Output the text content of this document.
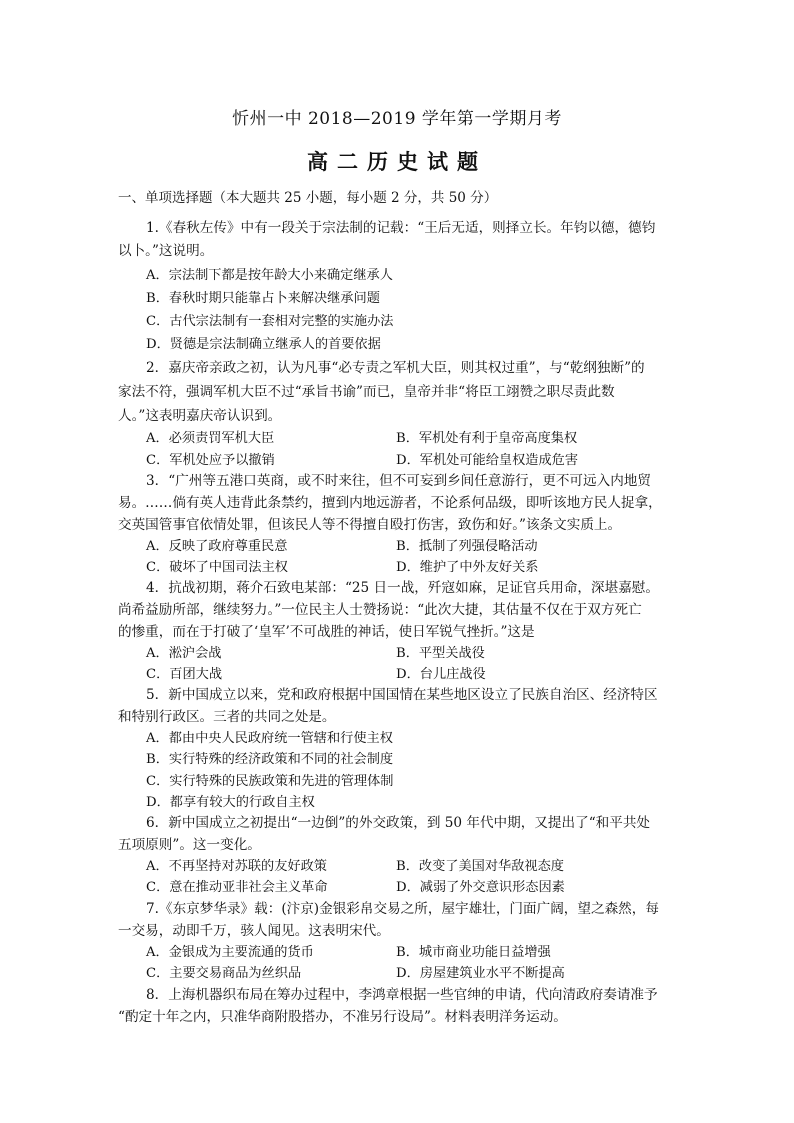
忻州一中 2018—2019 学年第一学期月考
高二历史试题
一、单项选择题（本大题共 25 小题，每小题 2 分，共 50 分）
1.《春秋左传》中有一段关于宗法制的记载：“王后无适，则择立长。年钧以德，德钧
以卜。”这说明。
A．宗法制下都是按年龄大小来确定继承人
B．春秋时期只能靠占卜来解决继承问题
C．古代宗法制有一套相对完整的实施办法
D．贤德是宗法制确立继承人的首要依据
2．嘉庆帝亲政之初，认为凡事“必专责之军机大臣，则其权过重”，与“乾纲独断”的
家法不符，强调军机大臣不过“承旨书谕”而已，皇帝并非“将臣工翊赞之职尽责此数
人。”这表明嘉庆帝认识到。
A．必须责罚军机大臣	B．军机处有利于皇帝高度集权
C．军机处应予以撤销	D．军机处可能给皇权造成危害
3．“广州等五港口英商，或不时来往，但不可妄到乡间任意游行，更不可远入内地贸
易。……倘有英人违背此条禁约，擅到内地远游者，不论系何品级，即听该地方民人捉拿，
交英国管事官依情处罪，但该民人等不得擅自殴打伤害，致伤和好。”该条文实质上。
A．反映了政府尊重民意	B．抵制了列强侵略活动
C．破坏了中国司法主权	D．维护了中外友好关系
4．抗战初期，蒋介石致电某部：“25 日一战，歼寇如麻，足证官兵用命，深堪嘉慰。
尚希益励所部，继续努力。”一位民主人士赞扬说：“此次大捷，其估量不仅在于双方死亡
的惨重，而在于打破了‘皇军’不可战胜的神话，使日军锐气挫折。”这是
A．淞沪会战	B．平型关战役
C．百团大战	D．台儿庄战役
5．新中国成立以来，党和政府根据中国国情在某些地区设立了民族自治区、经济特区
和特别行政区。三者的共同之处是。
A．都由中央人民政府统一管辖和行使主权
B．实行特殊的经济政策和不同的社会制度
C．实行特殊的民族政策和先进的管理体制
D．都享有较大的行政自主权
6．新中国成立之初提出“一边倒”的外交政策，到 50 年代中期，又提出了“和平共处
五项原则”。这一变化。
A．不再坚持对苏联的友好政策	B．改变了美国对华敌视态度
C．意在推动亚非社会主义革命	D．减弱了外交意识形态因素
7.《东京梦华录》载：(汴京)金银彩帛交易之所，屋宇雄壮，门面广阔，望之森然，每
一交易，动即千万，骇人闻见。这表明宋代。
A．金银成为主要流通的货币	B．城市商业功能日益增强
C．主要交易商品为丝织品	D．房屋建筑业水平不断提高
8．上海机器织布局在筹办过程中，李鸿章根据一些官绅的申请，代向清政府奏请准予
“酌定十年之内，只准华商附股搭办，不准另行设局”。材料表明洋务运动。
